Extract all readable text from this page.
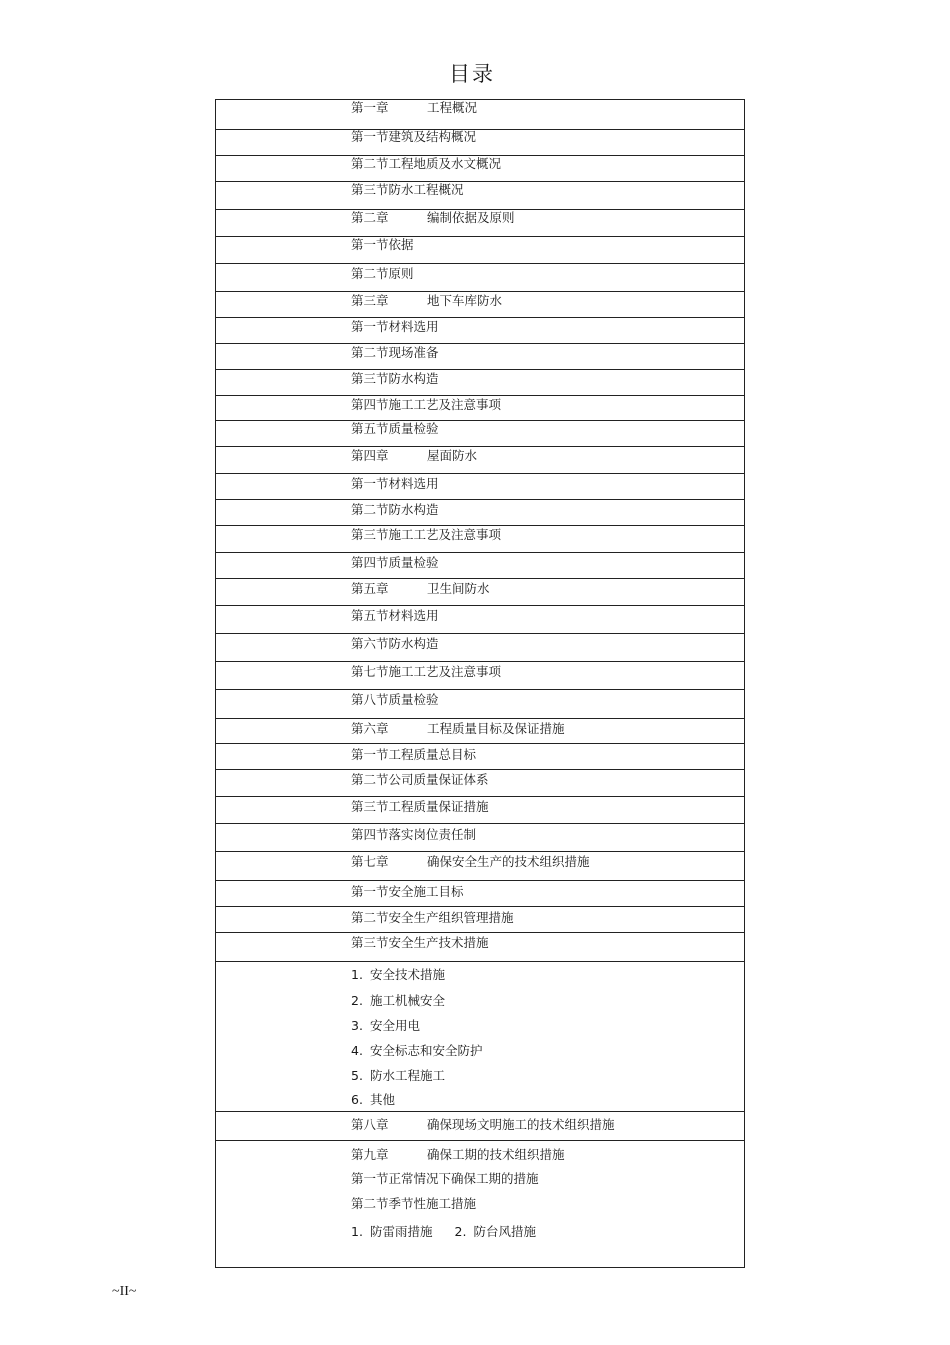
目录
第一章	工程概况
第一节建筑及结构概况
第二节工程地质及水文概况
第三节防水工程概况
第二章	编制依据及原则
第一节依据
第二节原则
第三章	地下车库防水
第一节材料选用
第二节现场准备
第三节防水构造
第四节施工工艺及注意事项
第五节质量检验
第四章	屋面防水
第一节材料选用
第二节防水构造
第三节施工工艺及注意事项
第四节质量检验
第五章	卫生间防水
第五节材料选用
第六节防水构造
第七节施工工艺及注意事项
第八节质量检验
第六章	工程质量目标及保证措施
第一节工程质量总目标
第二节公司质量保证体系
第三节工程质量保证措施
第四节落实岗位责任制
第七章	确保安全生产的技术组织措施
第一节安全施工目标
第二节安全生产组织管理措施
第三节安全生产技术措施
1. 安全技术措施
2. 施工机械安全
3. 安全用电
4. 安全标志和安全防护
5. 防水工程施工
6. 其他
第八章	确保现场文明施工的技术组织措施
第九章	确保工期的技术组织措施
第一节正常情况下确保工期的措施
第二节季节性施工措施
1. 防雷雨措施 2. 防台风措施
~II~
